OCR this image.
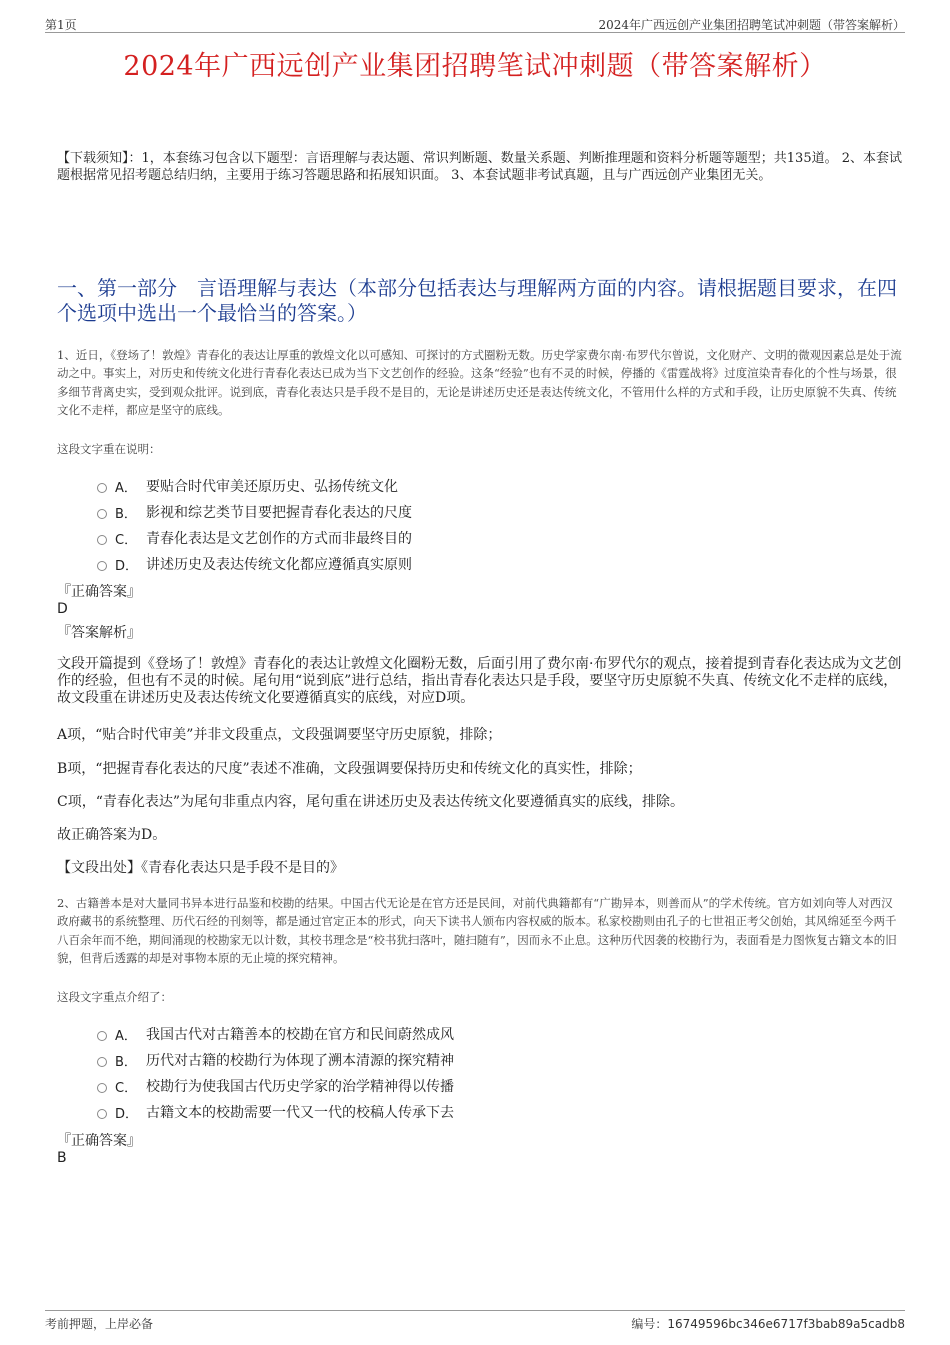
第1页	2024年广西远创产业集团招聘笔试冲刺题（带答案解析）
2024年广西远创产业集团招聘笔试冲刺题（带答案解析）
【下载须知】：1，本套练习包含以下题型：言语理解与表达题、常识判断题、数量关系题、判断推理题和资料分析题等题型；共135道。 2、本套试题根据常见招考题总结归纳，主要用于练习答题思路和拓展知识面。 3、本套试题非考试真题，且与广西远创产业集团无关。
一、第一部分　言语理解与表达（本部分包括表达与理解两方面的内容。请根据题目要求，在四个选项中选出一个最恰当的答案。）
1、近日，《登场了！敦煌》青春化的表达让厚重的敦煌文化以可感知、可探讨的方式圈粉无数。历史学家费尔南·布罗代尔曾说，文化财产、文明的微观因素总是处于流动之中。事实上，对历史和传统文化进行青春化表达已成为当下文艺创作的经验。这条“经验”也有不灵的时候，停播的《雷霆战将》过度渲染青春化的个性与场景，很多细节背离史实，受到观众批评。说到底，青春化表达只是手段不是目的，无论是讲述历史还是表达传统文化，不管用什么样的方式和手段，让历史原貌不失真、传统文化不走样，都应是坚守的底线。
这段文字重在说明：
A． 要贴合时代审美还原历史、弘扬传统文化
B． 影视和综艺类节目要把握青春化表达的尺度
C． 青春化表达是文艺创作的方式而非最终目的
D． 讲述历史及表达传统文化都应遵循真实原则
『正确答案』
D
『答案解析』
文段开篇提到《登场了！敦煌》青春化的表达让敦煌文化圈粉无数，后面引用了费尔南·布罗代尔的观点，接着提到青春化表达成为文艺创作的经验，但也有不灵的时候。尾句用“说到底”进行总结，指出青春化表达只是手段，要坚守历史原貌不失真、传统文化不走样的底线，故文段重在讲述历史及表达传统文化要遵循真实的底线，对应D项。
A项，“贴合时代审美”并非文段重点，文段强调要坚守历史原貌，排除；
B项，“把握青春化表达的尺度”表述不准确，文段强调要保持历史和传统文化的真实性，排除；
C项，“青春化表达”为尾句非重点内容，尾句重在讲述历史及表达传统文化要遵循真实的底线，排除。
故正确答案为D。
【文段出处】《青春化表达只是手段不是目的》
2、古籍善本是对大量同书异本进行品鉴和校勘的结果。中国古代无论是在官方还是民间，对前代典籍都有“广勘异本，则善而从”的学术传统。官方如刘向等人对西汉政府藏书的系统整理、历代石经的刊刻等，都是通过官定正本的形式，向天下读书人颁布内容权威的版本。私家校勘则由孔子的七世祖正考父创始，其风绵延至今两千八百余年而不绝，期间涌现的校勘家无以计数，其校书理念是“校书犹扫落叶，随扫随有”，因而永不止息。这种历代因袭的校勘行为，表面看是力图恢复古籍文本的旧貌，但背后透露的却是对事物本原的无止境的探究精神。
这段文字重点介绍了：
A． 我国古代对古籍善本的校勘在官方和民间蔚然成风
B． 历代对古籍的校勘行为体现了溯本清源的探究精神
C． 校勘行为使我国古代历史学家的治学精神得以传播
D． 古籍文本的校勘需要一代又一代的校稿人传承下去
『正确答案』
B
考前押题，上岸必备	编号：16749596bc346e6717f3bab89a5cadb8
